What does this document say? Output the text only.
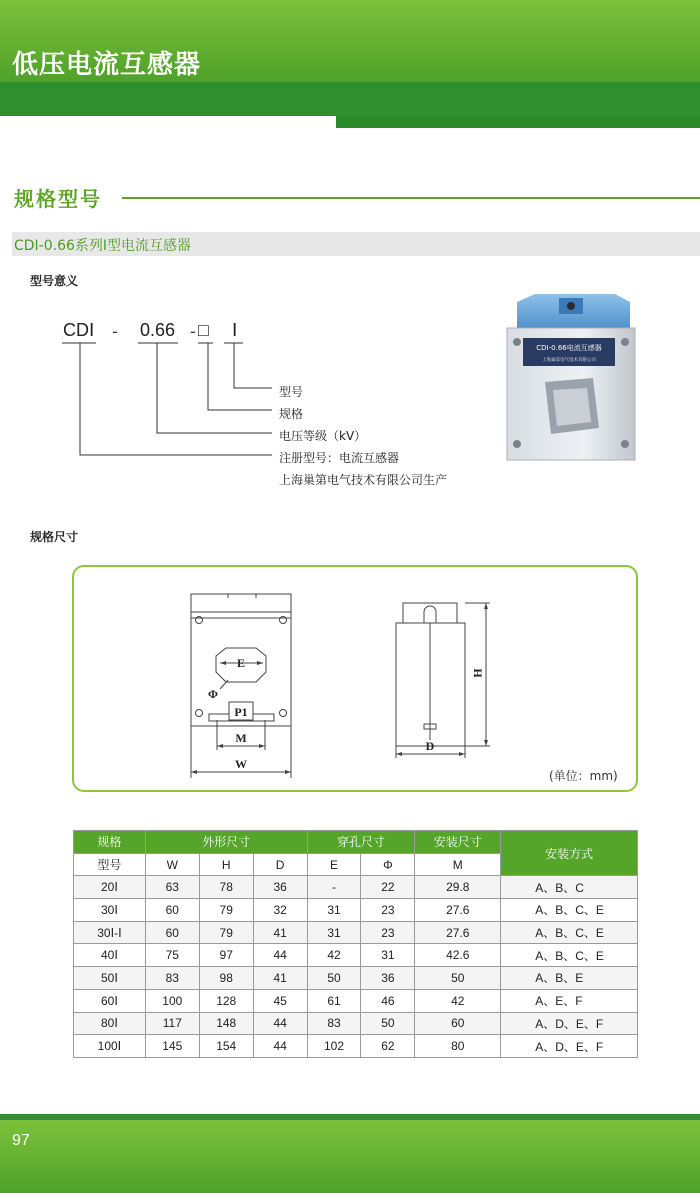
低压电流互感器
规格型号
CDI-0.66系列Ⅰ型电流互感器
型号意义
CDⅠ - 0.66 - □ Ⅰ
型号
规格
电压等级（kV）
注册型号：电流互感器
上海巢第电气技术有限公司生产
CDI-0.66电流互感器
上海巢第电气技术有限公司
规格尺寸
E
Φ
P1
M
W
H
D
(单位：mm)
规格	外形尺寸			穿孔尺寸		安装尺寸	安装方式
型号	W	H	D	E	Φ	M	
20Ⅰ	63	78	36	-	22	29.8	A、B、C
30Ⅰ	60	79	32	31	23	27.6	A、B、C、E
30Ⅰ-Ⅰ	60	79	41	31	23	27.6	A、B、C、E
40Ⅰ	75	97	44	42	31	42.6	A、B、C、E
50Ⅰ	83	98	41	50	36	50	A、B、E
60Ⅰ	100	128	45	61	46	42	A、E、F
80Ⅰ	117	148	44	83	50	60	A、D、E、F
100Ⅰ	145	154	44	102	62	80	A、D、E、F
97
